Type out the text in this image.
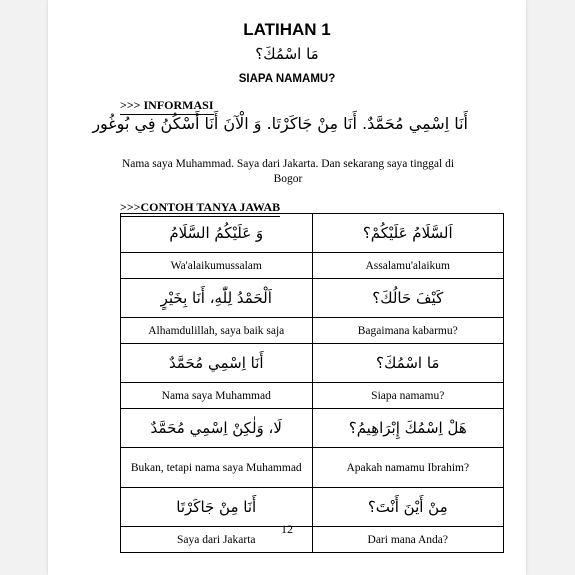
LATIHAN 1
مَا اسْمُكَ؟
SIAPA NAMAMU?
>>> INFORMASI
أَنَا اِسْمِي مُحَمَّدٌ. أَنَا مِنْ جَاكَرْتَا. وَ الْآنَ أَنَا أَسْكُنُ فِي بُوغُور
Nama saya Muhammad. Saya dari Jakarta. Dan sekarang saya tinggal di Bogor
>>>CONTOH TANYA JAWAB
وَ عَلَيْكُمُ السَّلَامُ	اَلسَّلَامُ عَلَيْكُمْ؟
Wa'alaikumussalam	Assalamu'alaikum
اَلْحَمْدُ لِلّٰهِ، أَنَا بِخَيْرٍ	كَيْفَ حَالُكَ؟
Alhamdulillah, saya baik saja	Bagaimana kabarmu?
أَنَا اِسْمِي مُحَمَّدٌ	مَا اسْمُكَ؟
Nama saya Muhammad	Siapa namamu?
لَا، وَلٰكِنْ اِسْمِي مُحَمَّدٌ	هَلْ اِسْمُكَ إِبْرَاهِيمُ؟
Bukan, tetapi nama saya Muhammad	Apakah namamu Ibrahim?
أَنَا مِنْ جَاكَرْتَا	مِنْ أَيْنَ أَنْتَ؟
Saya dari Jakarta	Dari mana Anda?
12
